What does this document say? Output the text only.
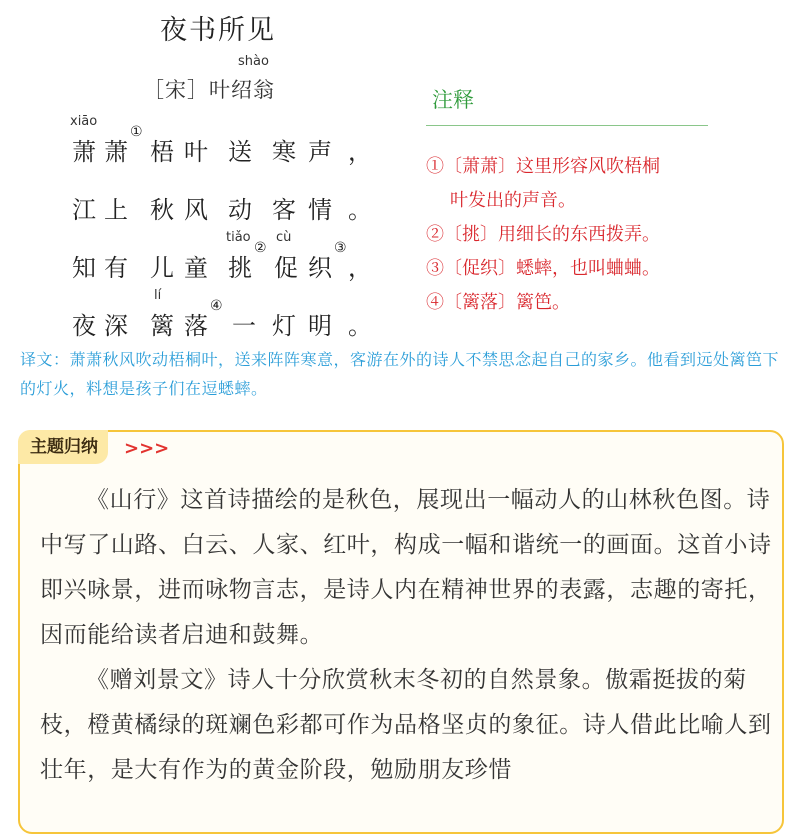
夜书所见
shào
［宋］叶绍翁
xiāo
萧 萧
①
梧 叶 送 寒 声 ，
江 上 秋 风 动 客 情 。
知 有 儿 童
tiǎo
挑
②
cù
促 织
③
，
夜 深
lí
篱 落
④
一 灯 明 。
注释
①〔萧萧〕这里形容风吹梧桐
叶发出的声音。
②〔挑〕用细长的东西拨弄。
③〔促织〕蟋蟀，也叫蛐蛐。
④〔篱落〕篱笆。
译文：萧萧秋风吹动梧桐叶，送来阵阵寒意，客游在外的诗人不禁思念起自己的家乡。他看到远处篱笆下的灯火，料想是孩子们在逗蟋蟀。
主题归纳	>>>

《山行》这首诗描绘的是秋色，展现出一幅动人的山林秋色图。诗中写了山路、白云、人家、红叶，构成一幅和谐统一的画面。这首小诗即兴咏景，进而咏物言志，是诗人内在精神世界的表露，志趣的寄托，因而能给读者启迪和鼓舞。

《赠刘景文》诗人十分欣赏秋末冬初的自然景象。傲霜挺拔的菊枝，橙黄橘绿的斑斓色彩都可作为品格坚贞的象征。诗人借此比喻人到壮年，是大有作为的黄金阶段，勉励朋友珍惜
